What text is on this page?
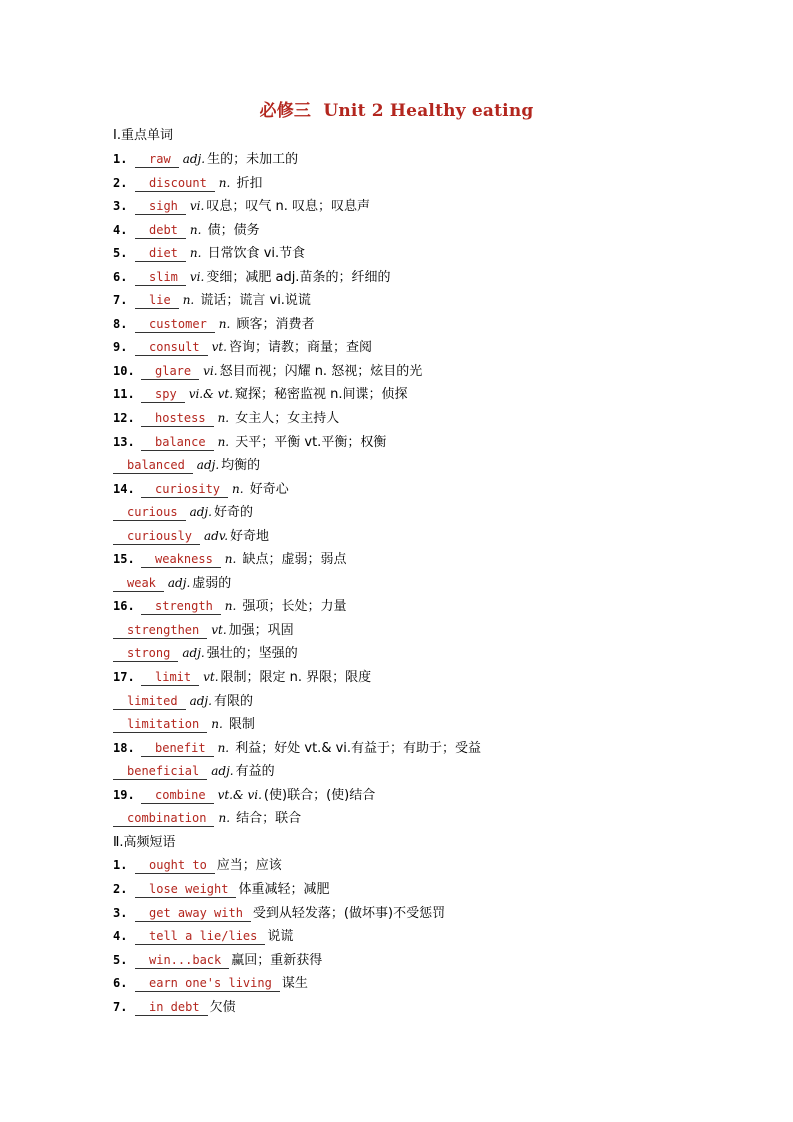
必修三  Unit 2 Healthy eating
Ⅰ.重点单词
1. raw adj. 生的；未加工的
2. discount n. 折扣
3. sigh vi. 叹息；叹气 n. 叹息；叹息声
4. debt n. 债；债务
5. diet n. 日常饮食 vi.节食
6. slim vi. 变细；减肥 adj.苗条的；纤细的
7. lie n. 谎话；谎言 vi.说谎
8. customer n. 顾客；消费者
9. consult vt. 咨询；请教；商量；查阅
10. glare vi. 怒目而视；闪耀 n. 怒视；炫目的光
11. spy vi.& vt. 窥探；秘密监视 n.间谍；侦探
12. hostess n. 女主人；女主持人
13. balance n. 天平；平衡 vt.平衡；权衡
balanced adj. 均衡的
14. curiosity n. 好奇心
curious adj. 好奇的
curiously adv. 好奇地
15. weakness n. 缺点；虚弱；弱点
weak adj. 虚弱的
16. strength n. 强项；长处；力量
strengthen vt. 加强；巩固
strong adj. 强壮的；坚强的
17. limit vt. 限制；限定 n. 界限；限度
limited adj. 有限的
limitation n. 限制
18. benefit n. 利益；好处 vt.& vi.有益于；有助于；受益
beneficial adj. 有益的
19. combine vt.& vi. (使)联合；(使)结合
combination n. 结合；联合
Ⅱ.高频短语
1. ought to 应当；应该
2. lose weight 体重减轻；减肥
3. get away with 受到从轻发落；(做坏事)不受惩罚
4. tell a lie/lies 说谎
5. win...back 赢回；重新获得
6. earn one's living 谋生
7. in debt 欠债
